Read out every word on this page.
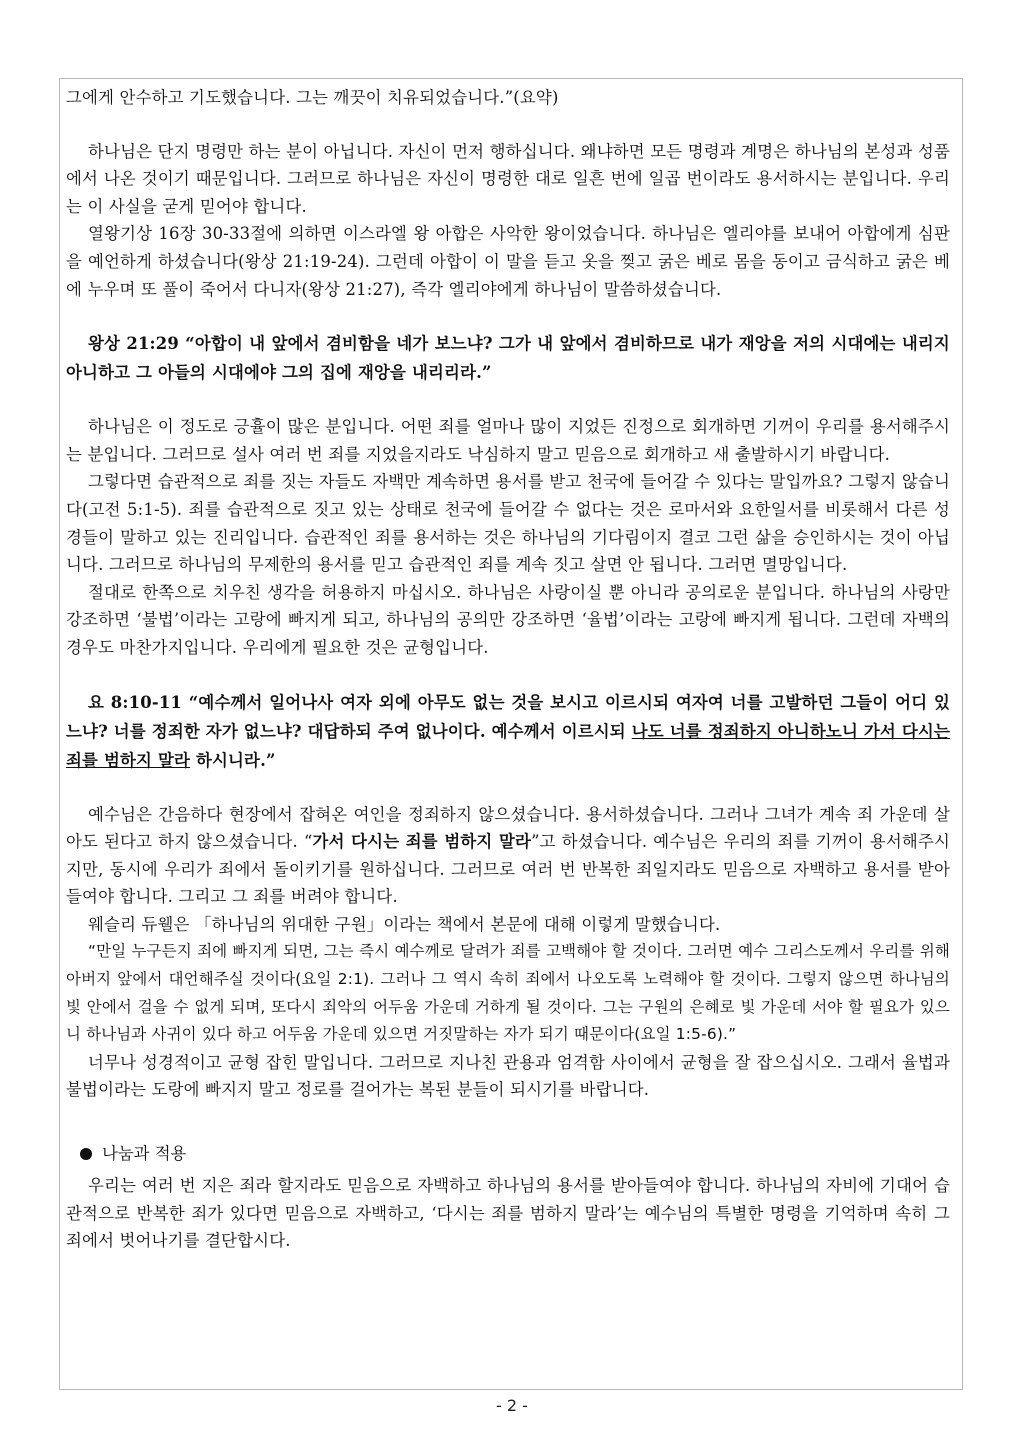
그에게 안수하고 기도했습니다. 그는 깨끗이 치유되었습니다.”(요약)

하나님은 단지 명령만 하는 분이 아닙니다. 자신이 먼저 행하십니다. 왜냐하면 모든 명령과 계명은 하나님의 본성과 성품에서 나온 것이기 때문입니다. 그러므로 하나님은 자신이 명령한 대로 일흔 번에 일곱 번이라도 용서하시는 분입니다. 우리는 이 사실을 굳게 믿어야 합니다.

열왕기상 16장 30-33절에 의하면 이스라엘 왕 아합은 사악한 왕이었습니다. 하나님은 엘리야를 보내어 아합에게 심판을 예언하게 하셨습니다(왕상 21:19-24). 그런데 아합이 이 말을 듣고 옷을 찢고 굵은 베로 몸을 동이고 금식하고 굵은 베에 누우며 또 풀이 죽어서 다니자(왕상 21:27), 즉각 엘리야에게 하나님이 말씀하셨습니다.

왕상 21:29 “아합이 내 앞에서 겸비함을 네가 보느냐? 그가 내 앞에서 겸비하므로 내가 재앙을 저의 시대에는 내리지 아니하고 그 아들의 시대에야 그의 집에 재앙을 내리리라.”

하나님은 이 정도로 긍휼이 많은 분입니다. 어떤 죄를 얼마나 많이 지었든 진정으로 회개하면 기꺼이 우리를 용서해주시는 분입니다. 그러므로 설사 여러 번 죄를 지었을지라도 낙심하지 말고 믿음으로 회개하고 새 출발하시기 바랍니다.

그렇다면 습관적으로 죄를 짓는 자들도 자백만 계속하면 용서를 받고 천국에 들어갈 수 있다는 말입까요? 그렇지 않습니다(고전 5:1-5). 죄를 습관적으로 짓고 있는 상태로 천국에 들어갈 수 없다는 것은 로마서와 요한일서를 비롯해서 다른 성경들이 말하고 있는 진리입니다. 습관적인 죄를 용서하는 것은 하나님의 기다림이지 결코 그런 삶을 승인하시는 것이 아닙니다. 그러므로 하나님의 무제한의 용서를 믿고 습관적인 죄를 계속 짓고 살면 안 됩니다. 그러면 멸망입니다.

절대로 한쪽으로 치우친 생각을 허용하지 마십시오. 하나님은 사랑이실 뿐 아니라 공의로운 분입니다. 하나님의 사랑만 강조하면 ‘불법’이라는 고랑에 빠지게 되고, 하나님의 공의만 강조하면 ‘율법’이라는 고랑에 빠지게 됩니다. 그런데 자백의 경우도 마찬가지입니다. 우리에게 필요한 것은 균형입니다.

요 8:10-11 “예수께서 일어나사 여자 외에 아무도 없는 것을 보시고 이르시되 여자여 너를 고발하던 그들이 어디 있느냐? 너를 정죄한 자가 없느냐? 대답하되 주여 없나이다. 예수께서 이르시되 나도 너를 정죄하지 아니하노니 가서 다시는 죄를 범하지 말라 하시니라.”

예수님은 간음하다 현장에서 잡혀온 여인을 정죄하지 않으셨습니다. 용서하셨습니다. 그러나 그녀가 계속 죄 가운데 살아도 된다고 하지 않으셨습니다. “가서 다시는 죄를 범하지 말라”고 하셨습니다. 예수님은 우리의 죄를 기꺼이 용서해주시지만, 동시에 우리가 죄에서 돌이키기를 원하십니다. 그러므로 여러 번 반복한 죄일지라도 믿음으로 자백하고 용서를 받아들여야 합니다. 그리고 그 죄를 버려야 합니다.

웨슬리 듀웰은 「하나님의 위대한 구원」이라는 책에서 본문에 대해 이렇게 말했습니다.

“만일 누구든지 죄에 빠지게 되면, 그는 즉시 예수께로 달려가 죄를 고백해야 할 것이다. 그러면 예수 그리스도께서 우리를 위해 아버지 앞에서 대언해주실 것이다(요일 2:1). 그러나 그 역시 속히 죄에서 나오도록 노력해야 할 것이다. 그렇지 않으면 하나님의 빛 안에서 걸을 수 없게 되며, 또다시 죄악의 어두움 가운데 거하게 될 것이다. 그는 구원의 은혜로 빛 가운데 서야 할 필요가 있으니 하나님과 사귀이 있다 하고 어두움 가운데 있으면 거짓말하는 자가 되기 때문이다(요일 1:5-6).”

너무나 성경적이고 균형 잡힌 말입니다. 그러므로 지나친 관용과 엄격함 사이에서 균형을 잘 잡으십시오. 그래서 율법과 불법이라는 도랑에 빠지지 말고 정로를 걸어가는 복된 분들이 되시기를 바랍니다.

나눔과 적용

우리는 여러 번 지은 죄라 할지라도 믿음으로 자백하고 하나님의 용서를 받아들여야 합니다. 하나님의 자비에 기대어 습관적으로 반복한 죄가 있다면 믿음으로 자백하고, ‘다시는 죄를 범하지 말라’는 예수님의 특별한 명령을 기억하며 속히 그 죄에서 벗어나기를 결단합시다.

- 2 -
